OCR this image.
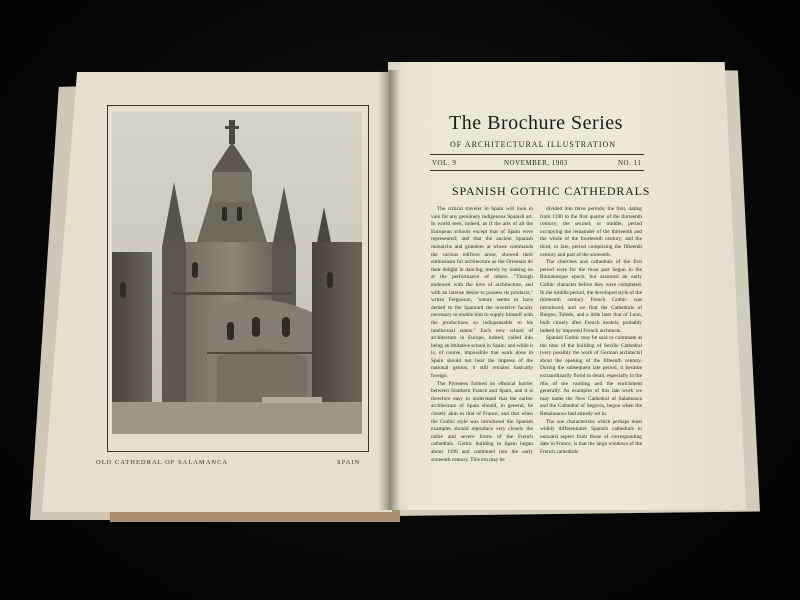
OLD CATHEDRAL OF SALAMANCA	SPAIN
The Brochure Series
OF ARCHITECTURAL ILLUSTRATION
VOL. 9	NOVEMBER, 1903	NO. 11
SPANISH GOTHIC CATHEDRALS

The critical traveler in Spain will look in vain for any genuinely indigenous Spanish art. In world seen, indeed, as if the arts of all the European schools except that of Spain were represented; and that the ancient Spanish monarchs and grandees at whose commands the various edifices arose, showed their enthusiasm for architecture as the Orientals do their delight in dancing, merely by looking on at the performance of others. "Though endowed with the love of architecture, and with an intense desire to possess its products," writes Fergusson, "nature seems to have denied to the Spaniard the inventive faculty necessary to enable him to supply himself with the productions so indispensable to his intellectual status." Each new school of architecture in Europe, indeed, called into being an imitative school in Spain; and while it is, of course, impossible that work done in Spain should not bear the impress of the national genius, it still remains basically foreign.

The Pyrenees formed no ethnical barrier between Southern France and Spain, and it is therefore easy to understand that the earlier architecture of Spain should, in general, be closely akin to that of France, and that when the Gothic style was introduced the Spanish examples should reproduce very closely the noble and severe forms of the French cathedrals. Gothic building in Spain began about 1190 and continued into the early sixteenth century. This era may be

divided into three periods; the first, dating from 1190 to the first quarter of the thirteenth century; the second, or middle, period occupying the remainder of the thirteenth and the whole of the fourteenth century; and the third, or late, period comprising the fifteenth century and part of the sixteenth.

The churches and cathedrals of the first period were for the most part begun in the Romanesque epoch, but assumed an early Gothic character before they were completed. In the middle period, the developed style of the thirteenth century French Gothic was introduced, and we find the Cathedrals of Burgos, Toledo, and a little later that of Leon, built closely after French models, probably indeed by imported French architects.

Spanish Gothic may be said to culminate at the time of the building of Seville Cathedral (very possibly the work of German architects) about the opening of the fifteenth century. During the subsequent late period, it became extraordinarily florid in detail, especially in the ribs of the vaulting and the enrichment generally. As examples of this late work we may name the New Cathedral of Salamanca and the Cathedral of Segovia, begun when the Renaissance had already set in.

The one characteristic which perhaps most widely differentiates Spanish cathedrals in outward aspect from those of corresponding date in France, is that the large windows of the French cathedrals
